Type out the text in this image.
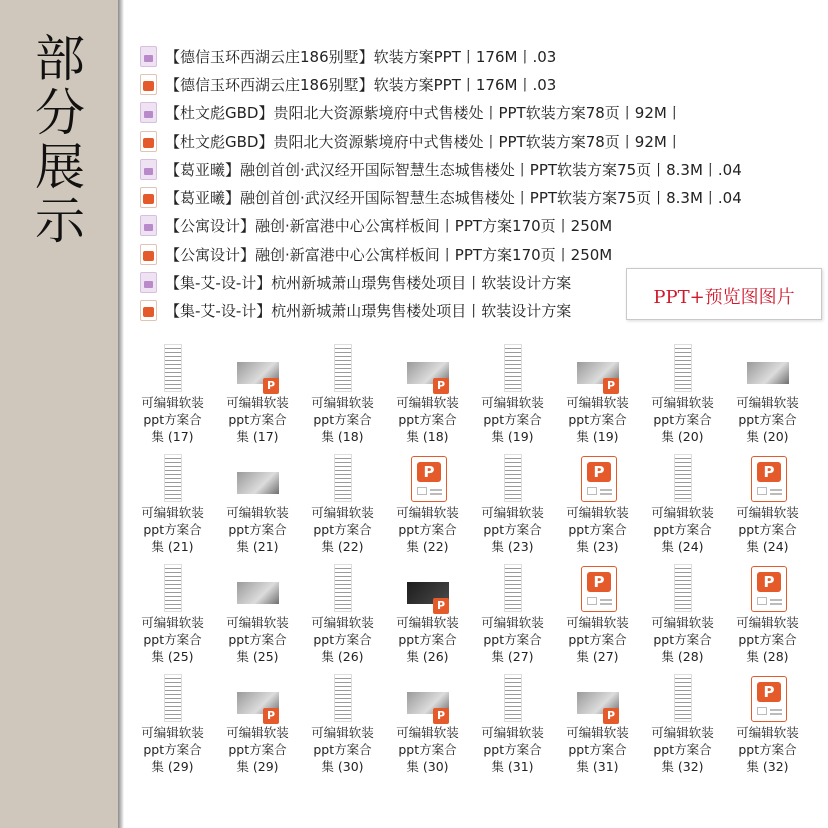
部分展示
【德信玉环西湖云庄186别墅】软装方案PPT丨176M丨.03
【德信玉环西湖云庄186别墅】软装方案PPT丨176M丨.03
【杜文彪GBD】贵阳北大资源紫境府中式售楼处丨PPT软装方案78页丨92M丨
【杜文彪GBD】贵阳北大资源紫境府中式售楼处丨PPT软装方案78页丨92M丨
【葛亚曦】融创首创·武汉经开国际智慧生态城售楼处丨PPT软装方案75页丨8.3M丨.04
【葛亚曦】融创首创·武汉经开国际智慧生态城售楼处丨PPT软装方案75页丨8.3M丨.04
【公寓设计】融创·新富港中心公寓样板间丨PPT方案170页丨250M
【公寓设计】融创·新富港中心公寓样板间丨PPT方案170页丨250M
【集-艾-设-计】杭州新城萧山璟隽售楼处项目丨软装设计方案
【集-艾-设-计】杭州新城萧山璟隽售楼处项目丨软装设计方案
PPT+预览图图片
可编辑软装
ppt方案合
集 (17)
P
可编辑软装
ppt方案合
集 (17)
可编辑软装
ppt方案合
集 (18)
P
可编辑软装
ppt方案合
集 (18)
可编辑软装
ppt方案合
集 (19)
P
可编辑软装
ppt方案合
集 (19)
可编辑软装
ppt方案合
集 (20)
可编辑软装
ppt方案合
集 (20)
可编辑软装
ppt方案合
集 (21)
可编辑软装
ppt方案合
集 (21)
可编辑软装
ppt方案合
集 (22)
P
可编辑软装
ppt方案合
集 (22)
可编辑软装
ppt方案合
集 (23)
P
可编辑软装
ppt方案合
集 (23)
可编辑软装
ppt方案合
集 (24)
P
可编辑软装
ppt方案合
集 (24)
可编辑软装
ppt方案合
集 (25)
可编辑软装
ppt方案合
集 (25)
可编辑软装
ppt方案合
集 (26)
P
可编辑软装
ppt方案合
集 (26)
可编辑软装
ppt方案合
集 (27)
P
可编辑软装
ppt方案合
集 (27)
可编辑软装
ppt方案合
集 (28)
P
可编辑软装
ppt方案合
集 (28)
可编辑软装
ppt方案合
集 (29)
P
可编辑软装
ppt方案合
集 (29)
可编辑软装
ppt方案合
集 (30)
P
可编辑软装
ppt方案合
集 (30)
可编辑软装
ppt方案合
集 (31)
P
可编辑软装
ppt方案合
集 (31)
可编辑软装
ppt方案合
集 (32)
P
可编辑软装
ppt方案合
集 (32)
